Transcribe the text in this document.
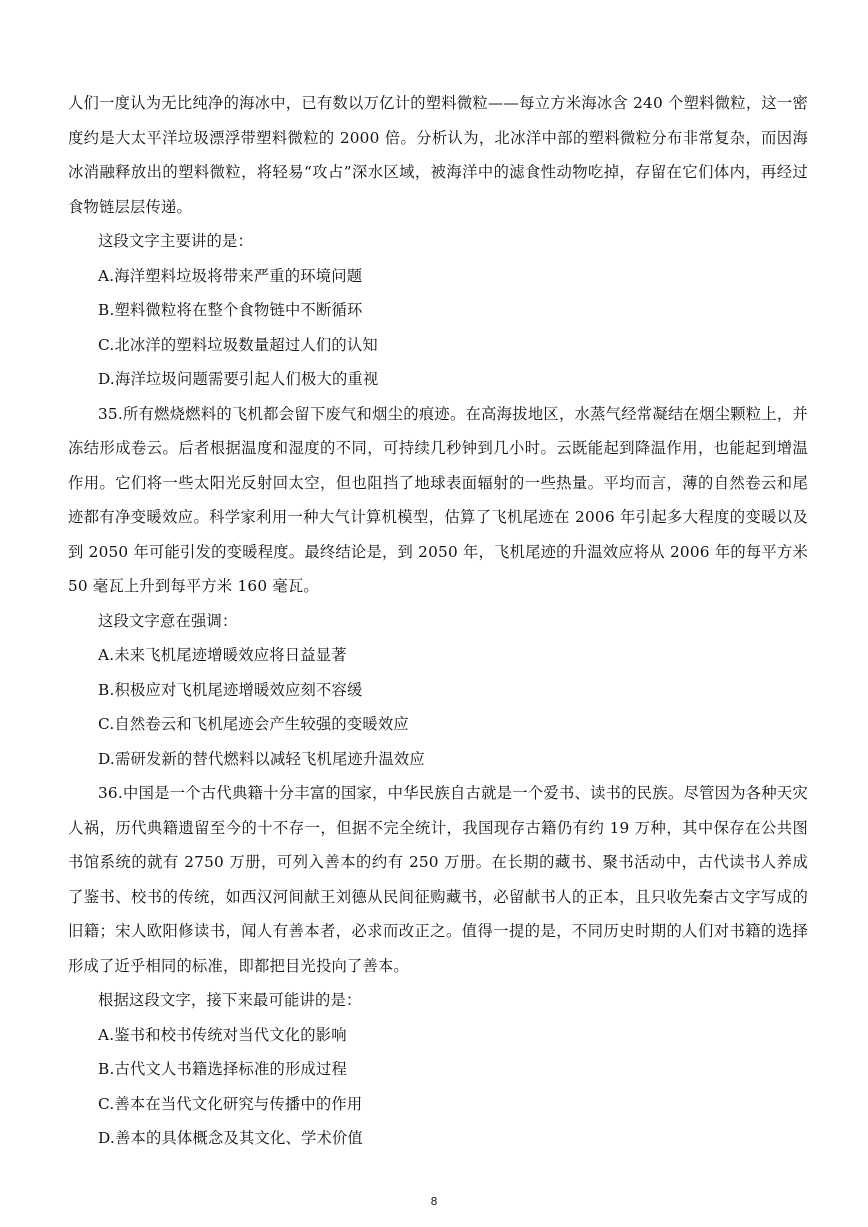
人们一度认为无比纯净的海冰中，已有数以万亿计的塑料微粒——每立方米海冰含 240 个塑料微粒，这一密度约是大太平洋垃圾漂浮带塑料微粒的 2000 倍。分析认为，北冰洋中部的塑料微粒分布非常复杂，而因海冰消融释放出的塑料微粒，将轻易“攻占”深水区域，被海洋中的滤食性动物吃掉，存留在它们体内，再经过食物链层层传递。

这段文字主要讲的是：

A.海洋塑料垃圾将带来严重的环境问题

B.塑料微粒将在整个食物链中不断循环

C.北冰洋的塑料垃圾数量超过人们的认知

D.海洋垃圾问题需要引起人们极大的重视

35.所有燃烧燃料的飞机都会留下废气和烟尘的痕迹。在高海拔地区，水蒸气经常凝结在烟尘颗粒上，并冻结形成卷云。后者根据温度和湿度的不同，可持续几秒钟到几小时。云既能起到降温作用，也能起到增温作用。它们将一些太阳光反射回太空，但也阻挡了地球表面辐射的一些热量。平均而言，薄的自然卷云和尾迹都有净变暖效应。科学家利用一种大气计算机模型，估算了飞机尾迹在 2006 年引起多大程度的变暖以及到 2050 年可能引发的变暖程度。最终结论是，到 2050 年，飞机尾迹的升温效应将从 2006 年的每平方米 50 毫瓦上升到每平方米 160 毫瓦。

这段文字意在强调：

A.未来飞机尾迹增暖效应将日益显著

B.积极应对飞机尾迹增暖效应刻不容缓

C.自然卷云和飞机尾迹会产生较强的变暖效应

D.需研发新的替代燃料以减轻飞机尾迹升温效应

36.中国是一个古代典籍十分丰富的国家，中华民族自古就是一个爱书、读书的民族。尽管因为各种天灾人祸，历代典籍遗留至今的十不存一，但据不完全统计，我国现存古籍仍有约 19 万种，其中保存在公共图书馆系统的就有 2750 万册，可列入善本的约有 250 万册。在长期的藏书、聚书活动中，古代读书人养成了鉴书、校书的传统，如西汉河间献王刘德从民间征购藏书，必留献书人的正本，且只收先秦古文字写成的旧籍；宋人欧阳修读书，闻人有善本者，必求而改正之。值得一提的是，不同历史时期的人们对书籍的选择形成了近乎相同的标准，即都把目光投向了善本。

根据这段文字，接下来最可能讲的是：

A.鉴书和校书传统对当代文化的影响

B.古代文人书籍选择标准的形成过程

C.善本在当代文化研究与传播中的作用

D.善本的具体概念及其文化、学术价值

8
